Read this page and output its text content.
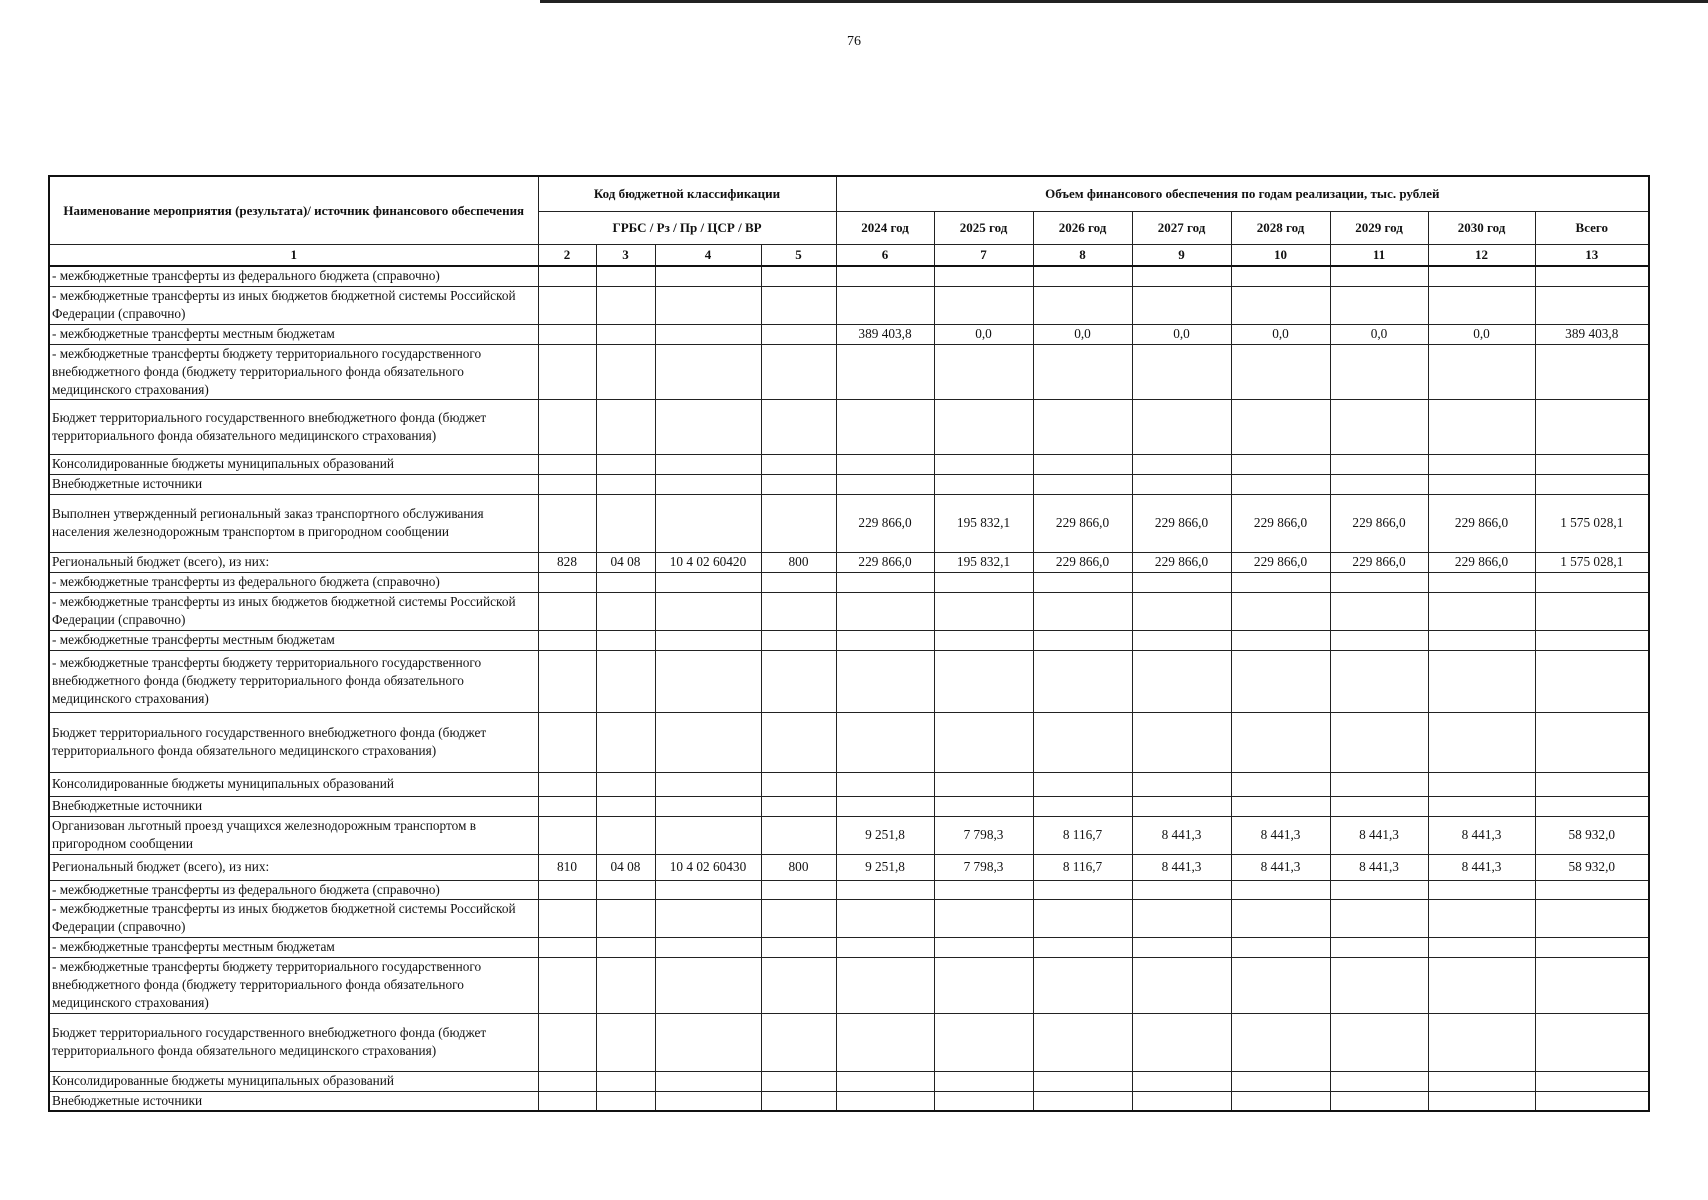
76
Наименование мероприятия (результата)/ источник финансового обеспечения	Код бюджетной классификации				Объем финансового обеспечения по годам реализации, тыс. рублей							
	ГРБС / Рз / Пр / ЦСР / ВР				2024 год	2025 год	2026 год	2027 год	2028 год	2029 год	2030 год	Всего
1	2	3	4	5	6	7	8	9	10	11	12	13
- межбюджетные трансферты из федерального бюджета (справочно)												
- межбюджетные трансферты из иных бюджетов бюджетной системы Российской Федерации (справочно)												
- межбюджетные трансферты местным бюджетам					389 403,8	0,0	0,0	0,0	0,0	0,0	0,0	389 403,8
- межбюджетные трансферты бюджету территориального государственного внебюджетного фонда (бюджету территориального фонда обязательного медицинского страхования)												
Бюджет территориального государственного внебюджетного фонда (бюджет территориального фонда обязательного медицинского страхования)												
Консолидированные бюджеты муниципальных образований												
Внебюджетные источники												
Выполнен утвержденный региональный заказ транспортного обслуживания населения железнодорожным транспортом в пригородном сообщении					229 866,0	195 832,1	229 866,0	229 866,0	229 866,0	229 866,0	229 866,0	1 575 028,1
Региональный бюджет (всего), из них:	828	04 08	10 4 02 60420	800	229 866,0	195 832,1	229 866,0	229 866,0	229 866,0	229 866,0	229 866,0	1 575 028,1
- межбюджетные трансферты из федерального бюджета (справочно)												
- межбюджетные трансферты из иных бюджетов бюджетной системы Российской Федерации (справочно)												
- межбюджетные трансферты местным бюджетам												
- межбюджетные трансферты бюджету территориального государственного внебюджетного фонда (бюджету территориального фонда обязательного медицинского страхования)												
Бюджет территориального государственного внебюджетного фонда (бюджет территориального фонда обязательного медицинского страхования)												
Консолидированные бюджеты муниципальных образований												
Внебюджетные источники												
Организован льготный проезд учащихся железнодорожным транспортом в пригородном сообщении					9 251,8	7 798,3	8 116,7	8 441,3	8 441,3	8 441,3	8 441,3	58 932,0
Региональный бюджет (всего), из них:	810	04 08	10 4 02 60430	800	9 251,8	7 798,3	8 116,7	8 441,3	8 441,3	8 441,3	8 441,3	58 932,0
- межбюджетные трансферты из федерального бюджета (справочно)												
- межбюджетные трансферты из иных бюджетов бюджетной системы Российской Федерации (справочно)												
- межбюджетные трансферты местным бюджетам												
- межбюджетные трансферты бюджету территориального государственного внебюджетного фонда (бюджету территориального фонда обязательного медицинского страхования)												
Бюджет территориального государственного внебюджетного фонда (бюджет территориального фонда обязательного медицинского страхования)												
Консолидированные бюджеты муниципальных образований												
Внебюджетные источники												
